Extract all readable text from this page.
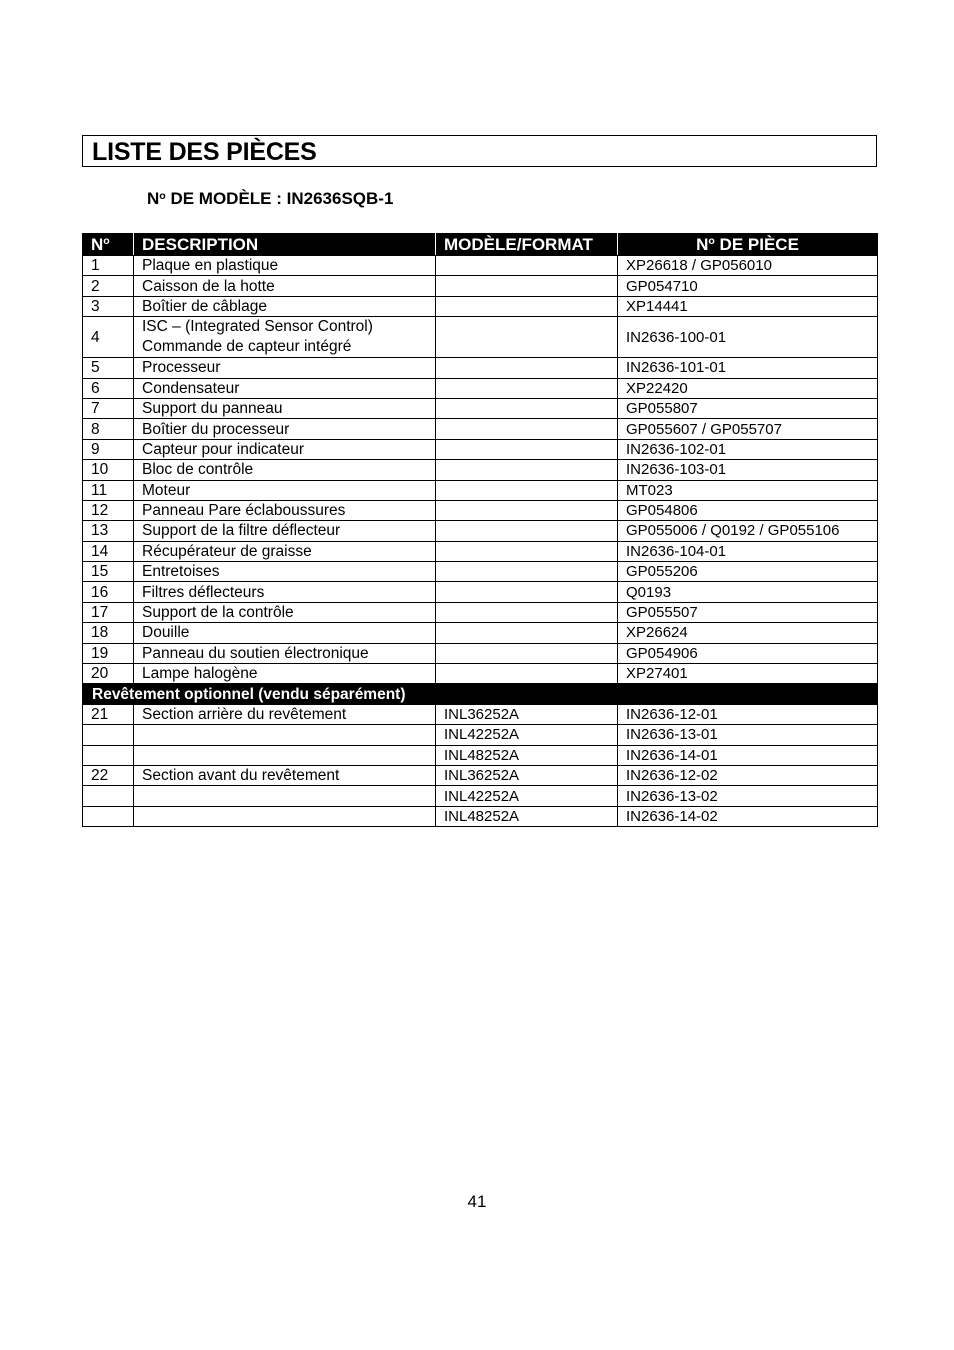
LISTE DES PIÈCES
$N^o$ DE MODÈLE : IN2636SQB-1
$N^o$	DESCRIPTION	MODÈLE/FORMAT	$N^o$ DE PIÈCE
1	Plaque en plastique		XP26618 / GP056010
2	Caisson de la hotte		GP054710
3	Boîtier de câblage		XP14441
4	ISC – (Integrated Sensor Control)
Commande de capteur intégré		IN2636-100-01
5	Processeur		IN2636-101-01
6	Condensateur		XP22420
7	Support du panneau		GP055807
8	Boîtier du processeur		GP055607 / GP055707
9	Capteur pour indicateur		IN2636-102-01
10	Bloc de contrôle		IN2636-103-01
11	Moteur		MT023
12	Panneau Pare éclaboussures		GP054806
13	Support de la filtre déflecteur		GP055006 / Q0192 / GP055106
14	Récupérateur de graisse		IN2636-104-01
15	Entretoises		GP055206
16	Filtres déflecteurs		Q0193
17	Support de la contrôle		GP055507
18	Douille		XP26624
19	Panneau du soutien électronique		GP054906
20	Lampe halogène		XP27401
Revêtement optionnel (vendu séparément)			
21	Section arrière du revêtement	INL36252A	IN2636-12-01
		INL42252A	IN2636-13-01
		INL48252A	IN2636-14-01
22	Section avant du revêtement	INL36252A	IN2636-12-02
		INL42252A	IN2636-13-02
		INL48252A	IN2636-14-02
41
